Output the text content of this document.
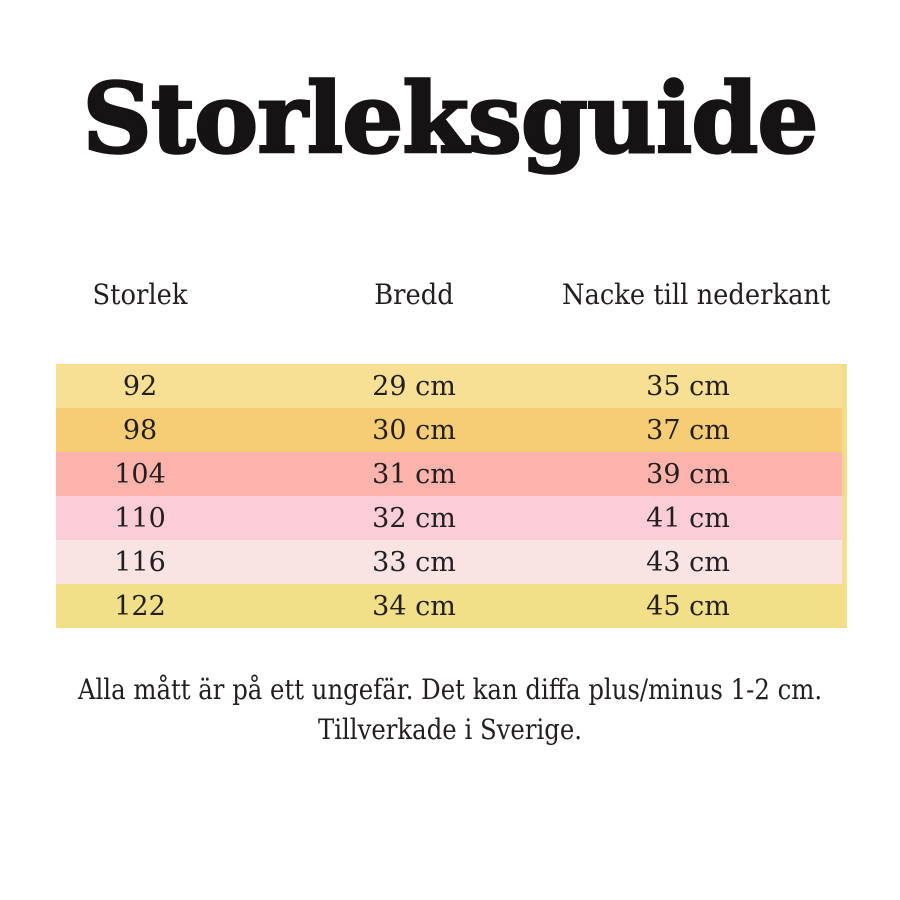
Storleksguide
Storlek	Bredd	Nacke till nederkant
92	29 cm	35 cm
98	30 cm	37 cm
104	31 cm	39 cm
110	32 cm	41 cm
116	33 cm	43 cm
122	34 cm	45 cm
Alla mått är på ett ungefär. Det kan diffa plus/minus 1-2 cm.
Tillverkade i Sverige.
